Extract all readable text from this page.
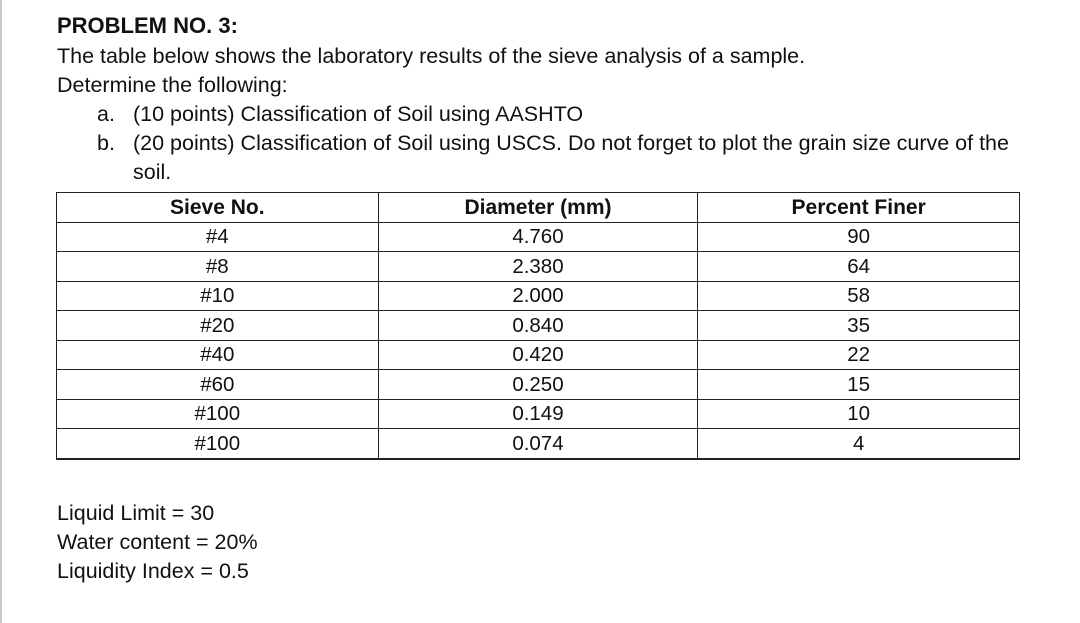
PROBLEM NO. 3:

The table below shows the laboratory results of the sieve analysis of a sample.

Determine the following:

a. (10 points) Classification of Soil using AASHTO
b. (20 points) Classification of Soil using USCS. Do not forget to plot the grain size curve of the soil.
Sieve No.	Diameter (mm)	Percent Finer
#4	4.760	90
#8	2.380	64
#10	2.000	58
#20	0.840	35
#40	0.420	22
#60	0.250	15
#100	0.149	10
#100	0.074	4
Liquid Limit = 30
Water content = 20%
Liquidity Index = 0.5
